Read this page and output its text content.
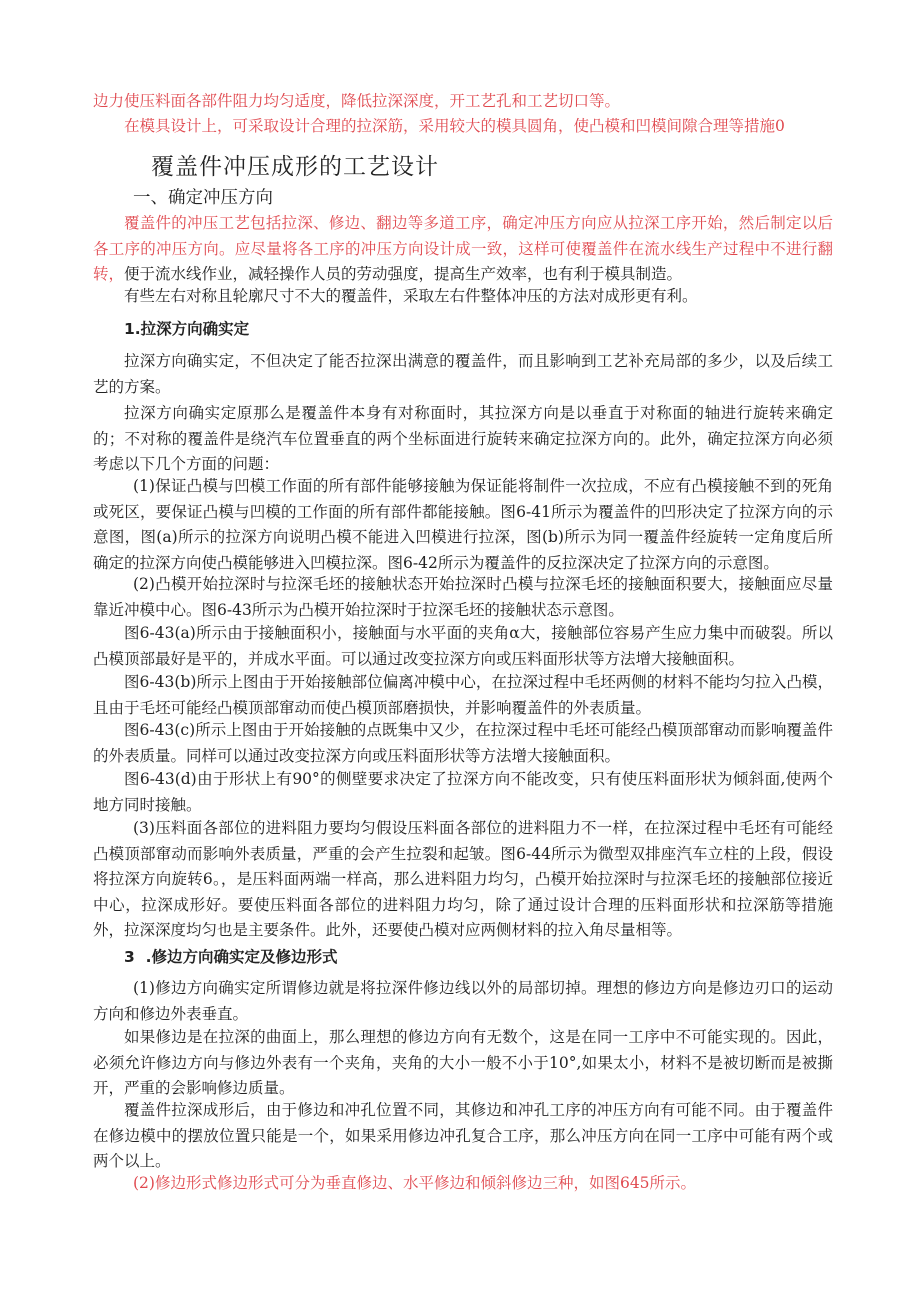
边力使压料面各部件阻力均匀适度，降低拉深深度，开工艺孔和工艺切口等。

在模具设计上，可采取设计合理的拉深筋，采用较大的模具圆角，使凸模和凹模间隙合理等措施0

覆盖件冲压成形的工艺设计
一、确定冲压方向

覆盖件的冲压工艺包括拉深、修边、翻边等多道工序，确定冲压方向应从拉深工序开始，然后制定以后各工序的冲压方向。应尽量将各工序的冲压方向设计成一致，这样可使覆盖件在流水线生产过程中不进行翻转，便于流水线作业，减轻操作人员的劳动强度，提高生产效率，也有利于模具制造。

有些左右对称且轮廓尺寸不大的覆盖件，采取左右件整体冲压的方法对成形更有利。

1.拉深方向确实定

拉深方向确实定，不但决定了能否拉深出满意的覆盖件，而且影响到工艺补充局部的多少，以及后续工艺的方案。

拉深方向确实定原那么是覆盖件本身有对称面时，其拉深方向是以垂直于对称面的轴进行旋转来确定的；不对称的覆盖件是绕汽车位置垂直的两个坐标面进行旋转来确定拉深方向的。此外，确定拉深方向必须考虑以下几个方面的问题：

(1)保证凸模与凹模工作面的所有部件能够接触为保证能将制件一次拉成，不应有凸模接触不到的死角或死区，要保证凸模与凹模的工作面的所有部件都能接触。图6-41所示为覆盖件的凹形决定了拉深方向的示意图，图(a)所示的拉深方向说明凸模不能进入凹模进行拉深，图(b)所示为同一覆盖件经旋转一定角度后所确定的拉深方向使凸模能够进入凹模拉深。图6-42所示为覆盖件的反拉深决定了拉深方向的示意图。

(2)凸模开始拉深时与拉深毛坯的接触状态开始拉深时凸模与拉深毛坯的接触面积要大，接触面应尽量靠近冲模中心。图6-43所示为凸模开始拉深时于拉深毛坯的接触状态示意图。

图6-43(a)所示由于接触面积小，接触面与水平面的夹角α大，接触部位容易产生应力集中而破裂。所以凸模顶部最好是平的，并成水平面。可以通过改变拉深方向或压料面形状等方法增大接触面积。

图6-43(b)所示上图由于开始接触部位偏离冲模中心，在拉深过程中毛坯两侧的材料不能均匀拉入凸模，且由于毛坯可能经凸模顶部窜动而使凸模顶部磨损快，并影响覆盖件的外表质量。

图6-43(c)所示上图由于开始接触的点既集中又少，在拉深过程中毛坯可能经凸模顶部窜动而影响覆盖件的外表质量。同样可以通过改变拉深方向或压料面形状等方法增大接触面积。

图6-43(d)由于形状上有90°的侧壁要求决定了拉深方向不能改变，只有使压料面形状为倾斜面,使两个地方同时接触。

(3)压料面各部位的进料阻力要均匀假设压料面各部位的进料阻力不一样，在拉深过程中毛坯有可能经凸模顶部窜动而影响外表质量，严重的会产生拉裂和起皱。图6-44所示为微型双排座汽车立柱的上段，假设将拉深方向旋转6。，是压料面两端一样高，那么进料阻力均匀，凸模开始拉深时与拉深毛坯的接触部位接近中心，拉深成形好。要使压料面各部位的进料阻力均匀，除了通过设计合理的压料面形状和拉深筋等措施外，拉深深度均匀也是主要条件。此外，还要使凸模对应两侧材料的拉入角尽量相等。

3  .修边方向确实定及修边形式

(1)修边方向确实定所谓修边就是将拉深件修边线以外的局部切掉。理想的修边方向是修边刃口的运动方向和修边外表垂直。

如果修边是在拉深的曲面上，那么理想的修边方向有无数个，这是在同一工序中不可能实现的。因此，必须允许修边方向与修边外表有一个夹角，夹角的大小一般不小于10°,如果太小，材料不是被切断而是被撕开，严重的会影响修边质量。

覆盖件拉深成形后，由于修边和冲孔位置不同，其修边和冲孔工序的冲压方向有可能不同。由于覆盖件在修边模中的摆放位置只能是一个，如果采用修边冲孔复合工序，那么冲压方向在同一工序中可能有两个或两个以上。

(2)修边形式修边形式可分为垂直修边、水平修边和倾斜修边三种，如图645所示。
